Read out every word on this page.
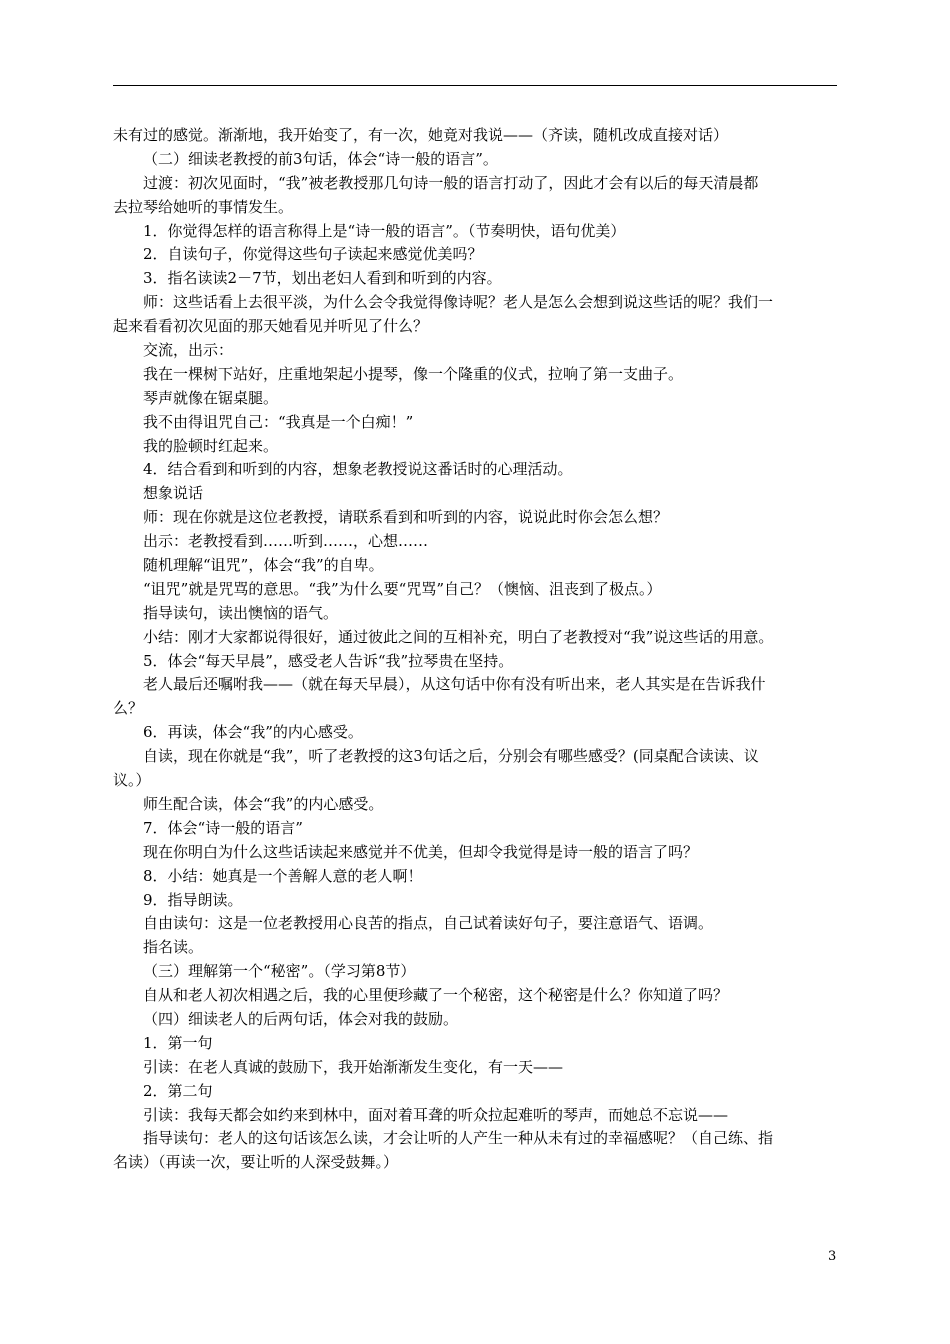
未有过的感觉。渐渐地，我开始变了，有一次，她竟对我说——（齐读，随机改成直接对话）
（二）细读老教授的前3句话，体会“诗一般的语言”。
过渡：初次见面时，“我”被老教授那几句诗一般的语言打动了，因此才会有以后的每天清晨都
去拉琴给她听的事情发生。
1．你觉得怎样的语言称得上是“诗一般的语言”。（节奏明快，语句优美）
2．自读句子，你觉得这些句子读起来感觉优美吗？
3．指名读读2－7节，划出老妇人看到和听到的内容。
师：这些话看上去很平淡，为什么会令我觉得像诗呢？老人是怎么会想到说这些话的呢？我们一
起来看看初次见面的那天她看见并听见了什么？
交流，出示：
我在一棵树下站好，庄重地架起小提琴，像一个隆重的仪式，拉响了第一支曲子。
琴声就像在锯桌腿。
我不由得诅咒自己：“我真是一个白痴！”
我的脸顿时红起来。
4．结合看到和听到的内容，想象老教授说这番话时的心理活动。
想象说话
师：现在你就是这位老教授，请联系看到和听到的内容，说说此时你会怎么想？
出示：老教授看到……听到……，心想……
随机理解“诅咒”，体会“我”的自卑。
“诅咒”就是咒骂的意思。“我”为什么要“咒骂”自己？（懊恼、沮丧到了极点。）
指导读句，读出懊恼的语气。
小结：刚才大家都说得很好，通过彼此之间的互相补充，明白了老教授对“我”说这些话的用意。
5．体会“每天早晨”，感受老人告诉“我”拉琴贵在坚持。
老人最后还嘱咐我——（就在每天早晨），从这句话中你有没有听出来，老人其实是在告诉我什
么？
6．再读，体会“我”的内心感受。
自读，现在你就是“我”，听了老教授的这3句话之后，分别会有哪些感受？(同桌配合读读、议
议。）
师生配合读，体会“我”的内心感受。
7．体会“诗一般的语言”
现在你明白为什么这些话读起来感觉并不优美，但却令我觉得是诗一般的语言了吗？
8．小结：她真是一个善解人意的老人啊！
9．指导朗读。
自由读句：这是一位老教授用心良苦的指点，自己试着读好句子，要注意语气、语调。
指名读。
（三）理解第一个“秘密”。（学习第8节）
自从和老人初次相遇之后，我的心里便珍藏了一个秘密，这个秘密是什么？你知道了吗？
（四）细读老人的后两句话，体会对我的鼓励。
1．第一句
引读：在老人真诚的鼓励下，我开始渐渐发生变化，有一天——
2．第二句
引读：我每天都会如约来到林中，面对着耳聋的听众拉起难听的琴声，而她总不忘说——
指导读句：老人的这句话该怎么读，才会让听的人产生一种从未有过的幸福感呢？（自己练、指
名读）（再读一次，要让听的人深受鼓舞。）
3
